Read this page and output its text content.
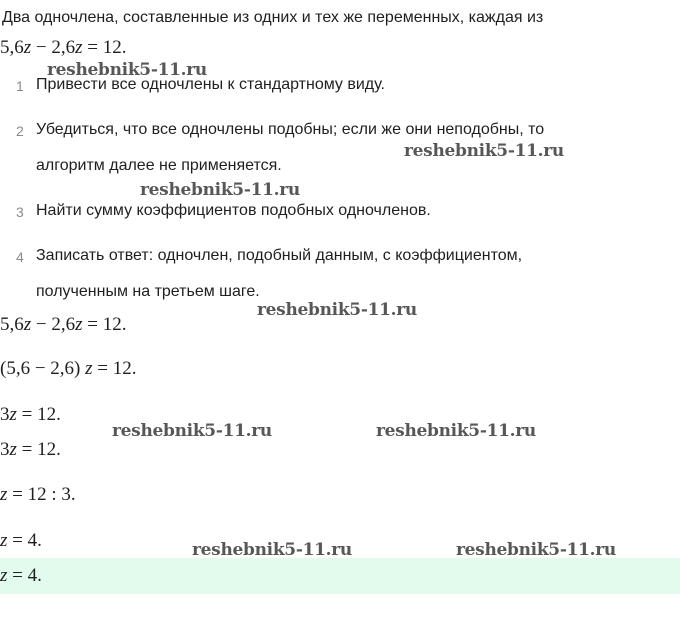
Два одночлена, составленные из одних и тех же переменных, каждая из
5,6z − 2,6z = 12.
1 Привести все одночлены к стандартному виду.
2 Убедиться, что все одночлены подобны; если же они неподобны, то
алгоритм далее не применяется.
3 Найти сумму коэффициентов подобных одночленов.
4 Записать ответ: одночлен, подобный данным, с коэффициентом,
полученным на третьем шаге.
5,6z − 2,6z = 12.
(5,6 − 2,6) z = 12.
3z = 12.
3z = 12.
z = 12 : 3.
z = 4.
z = 4.
reshebnik5-11.ru
reshebnik5-11.ru
reshebnik5-11.ru
reshebnik5-11.ru
reshebnik5-11.ru	reshebnik5-11.ru
reshebnik5-11.ru	reshebnik5-11.ru
